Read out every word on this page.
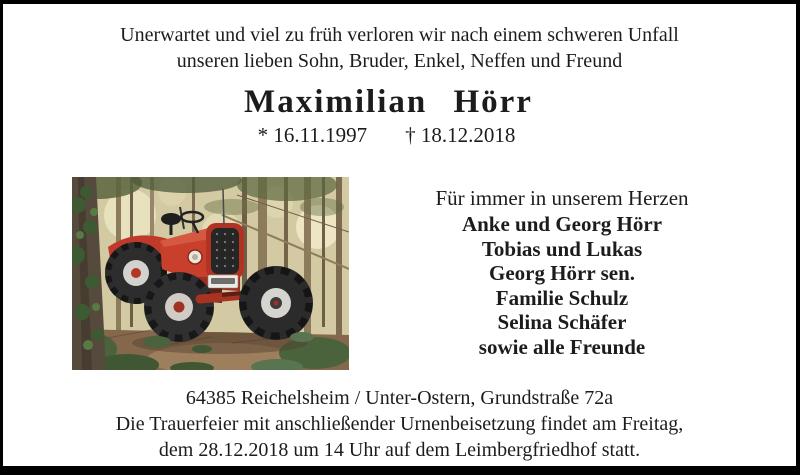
Unerwartet und viel zu früh verloren wir nach einem schweren Unfall
unseren lieben Sohn, Bruder, Enkel, Neffen und Freund
Maximilian Hörr
* 16.11.1997 † 18.12.2018
Für immer in unserem Herzen
Anke und Georg Hörr
Tobias und Lukas
Georg Hörr sen.
Familie Schulz
Selina Schäfer
sowie alle Freunde
64385 Reichelsheim / Unter-Ostern, Grundstraße 72a
Die Trauerfeier mit anschließender Urnenbeisetzung findet am Freitag,
dem 28.12.2018 um 14 Uhr auf dem Leimbergfriedhof statt.
